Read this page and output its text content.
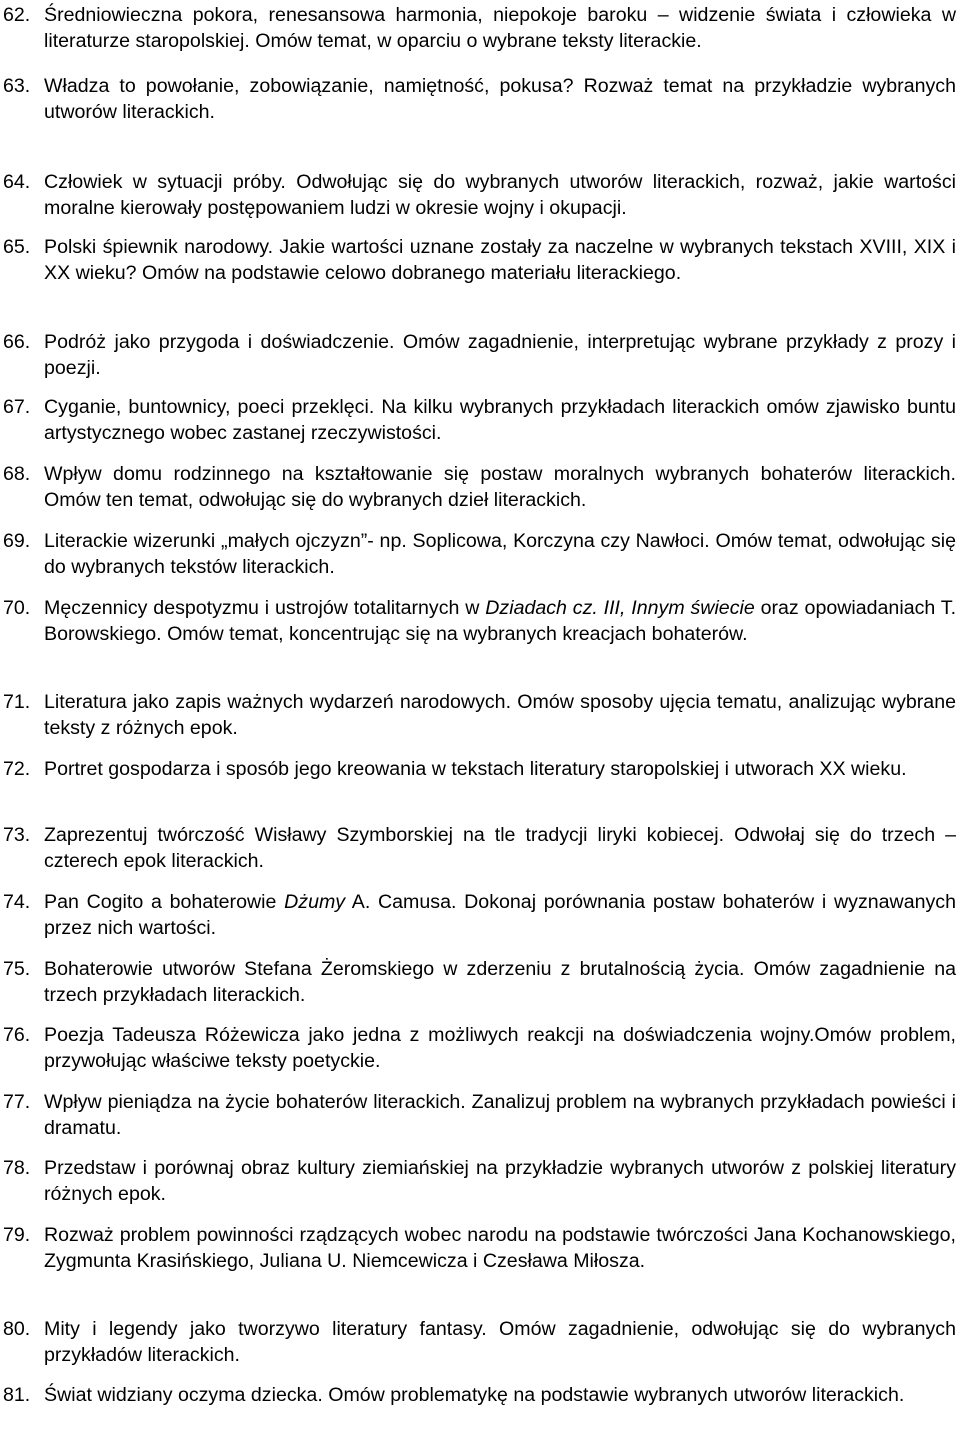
62. Średniowieczna pokora, renesansowa harmonia, niepokoje baroku – widzenie świata i człowieka w literaturze staropolskiej. Omów temat, w oparciu o wybrane teksty literackie.
63. Władza to powołanie, zobowiązanie, namiętność, pokusa? Rozważ temat na przykładzie wybranych utworów literackich.
64. Człowiek w sytuacji próby. Odwołując się do wybranych utworów literackich, rozważ, jakie wartości moralne kierowały postępowaniem ludzi w okresie wojny i okupacji.
65. Polski śpiewnik narodowy. Jakie wartości uznane zostały za naczelne w wybranych tekstach XVIII, XIX i XX wieku? Omów na podstawie celowo dobranego materiału literackiego.
66. Podróż jako przygoda i doświadczenie. Omów zagadnienie, interpretując wybrane przykłady z prozy i poezji.
67. Cyganie, buntownicy, poeci przeklęci. Na kilku wybranych przykładach literackich omów zjawisko buntu artystycznego wobec zastanej rzeczywistości.
68. Wpływ domu rodzinnego na kształtowanie się postaw moralnych wybranych bohaterów literackich. Omów ten temat, odwołując się do wybranych dzieł literackich.
69. Literackie wizerunki „małych ojczyzn”- np. Soplicowa, Korczyna czy Nawłoci. Omów temat, odwołując się do wybranych tekstów literackich.
70. Męczennicy despotyzmu i ustrojów totalitarnych w Dziadach cz. III, Innym świecie oraz opowiadaniach T. Borowskiego. Omów temat, koncentrując się na wybranych kreacjach bohaterów.
71. Literatura jako zapis ważnych wydarzeń narodowych. Omów sposoby ujęcia tematu, analizując wybrane teksty z różnych epok.
72. Portret gospodarza i sposób jego kreowania w tekstach literatury staropolskiej i utworach XX wieku.
73. Zaprezentuj twórczość Wisławy Szymborskiej na tle tradycji liryki kobiecej. Odwołaj się do trzech – czterech epok literackich.
74. Pan Cogito a bohaterowie Dżumy A. Camusa. Dokonaj porównania postaw bohaterów i wyznawanych przez nich wartości.
75. Bohaterowie utworów Stefana Żeromskiego w zderzeniu z brutalnością życia. Omów zagadnienie na trzech przykładach literackich.
76. Poezja Tadeusza Różewicza jako jedna z możliwych reakcji na doświadczenia wojny.Omów problem, przywołując właściwe teksty poetyckie.
77. Wpływ pieniądza na życie bohaterów literackich. Zanalizuj problem na wybranych przykładach powieści i dramatu.
78. Przedstaw i porównaj obraz kultury ziemiańskiej na przykładzie wybranych utworów z polskiej literatury różnych epok.
79. Rozważ problem powinności rządzących wobec narodu na podstawie twórczości Jana Kochanowskiego, Zygmunta Krasińskiego, Juliana U. Niemcewicza i Czesława Miłosza.
80. Mity i legendy jako tworzywo literatury fantasy. Omów zagadnienie, odwołując się do wybranych przykładów literackich.
81. Świat widziany oczyma dziecka. Omów problematykę na podstawie wybranych utworów literackich.
